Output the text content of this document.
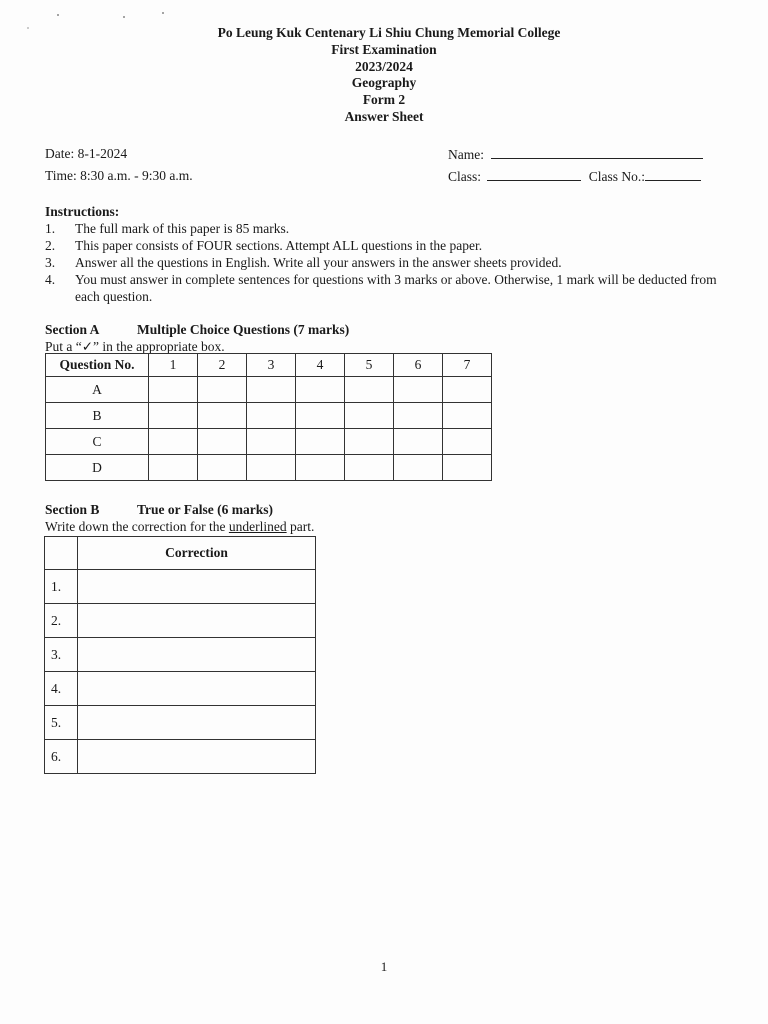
Po Leung Kuk Centenary Li Shiu Chung Memorial College
First Examination
2023/2024
Geography
Form 2
Answer Sheet
Date: 8-1-2024
Time: 8:30 a.m. - 9:30 a.m.
Name:
Class:	Class No.:
Instructions:
1.	The full mark of this paper is 85 marks.
2.	This paper consists of FOUR sections. Attempt ALL questions in the paper.
3.	Answer all the questions in English. Write all your answers in the answer sheets provided.
4.	You must answer in complete sentences for questions with 3 marks or above. Otherwise, 1 mark will be deducted from each question.
Section A	Multiple Choice Questions (7 marks)
Put a “✓” in the appropriate box.
Question No.	1	2	3	4	5	6	7
A							
B							
C							
D							
Section B	True or False (6 marks)
Write down the correction for the underlined part.
	Correction
1.	
2.	
3.	
4.	
5.	
6.	
1
